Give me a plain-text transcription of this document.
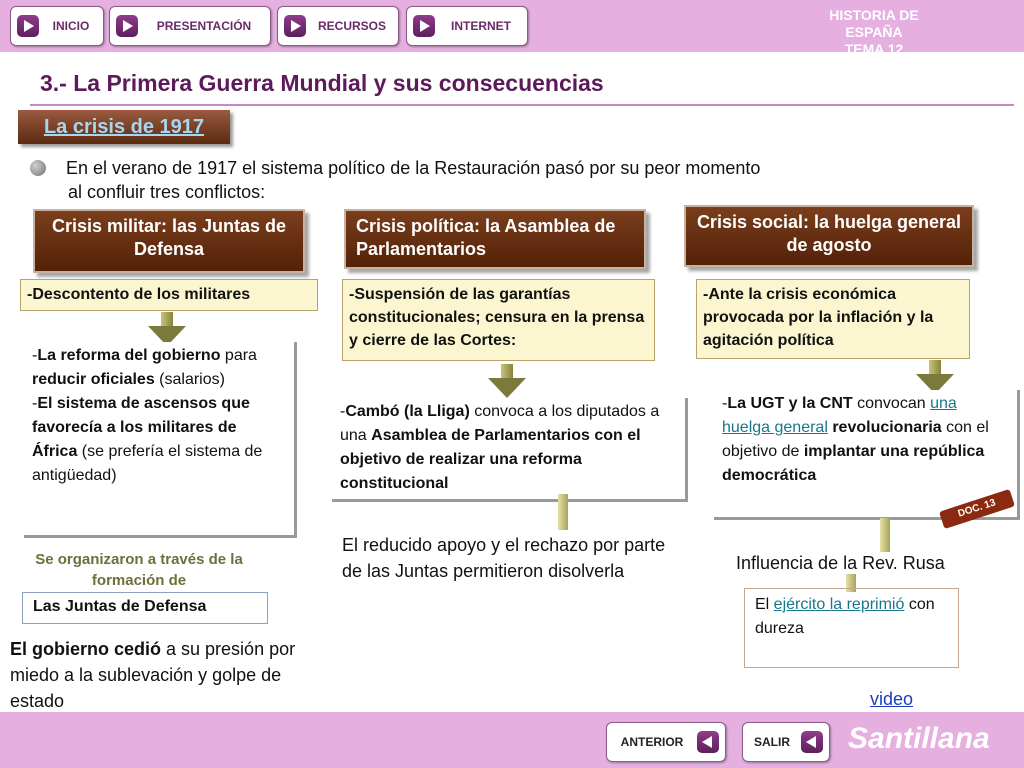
INICIO	PRESENTACIÓN	RECURSOS	INTERNET
HISTORIA DE ESPAÑA
TEMA 12
3.- La Primera Guerra Mundial y sus consecuencias
La crisis de 1917
En el verano de 1917 el sistema político de la Restauración pasó por su peor momento
al confluir tres conflictos:
Crisis militar: las Juntas de Defensa
-Descontento de los militares
-La reforma del gobierno para reducir oficiales (salarios)
-El sistema de ascensos que favorecía a los militares de África (se prefería el sistema de antigüedad)
Se organizaron a través de la formación de
Las Juntas de Defensa
El gobierno cedió a su presión por miedo a la sublevación y golpe de estado
Crisis política: la Asamblea de Parlamentarios
-Suspensión de las garantías constitucionales; censura en la prensa y cierre de las Cortes:
-Cambó (la Lliga) convoca a los diputados a una Asamblea de Parlamentarios con el objetivo de realizar una reforma constitucional
El reducido apoyo y el rechazo por parte de las Juntas permitieron disolverla
Crisis social: la huelga general de agosto
-Ante la crisis económica provocada por la inflación y la agitación política
-La UGT y la CNT convocan una huelga general revolucionaria con el objetivo de implantar una república democrática
DOC. 13
Influencia de la Rev. Rusa
El ejército la reprimió con dureza
video
ANTERIOR	SALIR	Santillana
